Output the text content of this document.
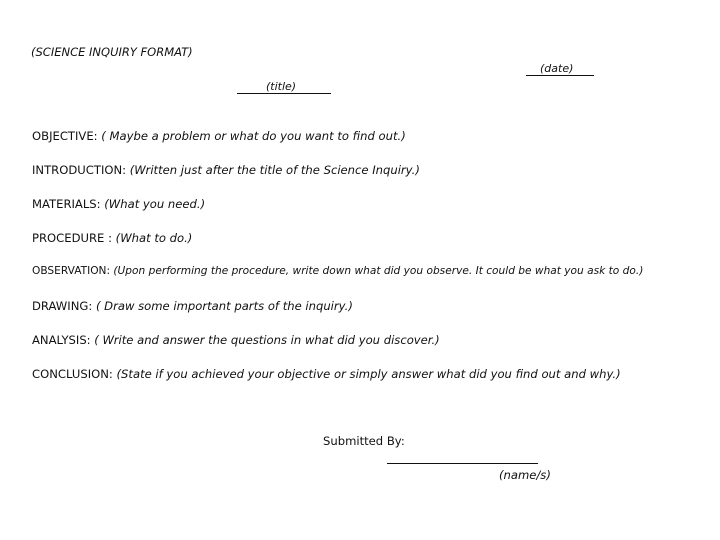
(SCIENCE INQUIRY FORMAT)
(date)
(title)
OBJECTIVE: ( Maybe a problem or what do you want to find out.)
INTRODUCTION: (Written just after the title of the Science Inquiry.)
MATERIALS: (What you need.)
PROCEDURE : (What to do.)
OBSERVATION: (Upon performing the procedure, write down what did you observe. It could be what you ask to do.)
DRAWING: ( Draw some important parts of the inquiry.)
ANALYSIS: ( Write and answer the questions in what did you discover.)
CONCLUSION: (State if you achieved your objective or simply answer what did you find out and why.)
Submitted By:
(name/s)
